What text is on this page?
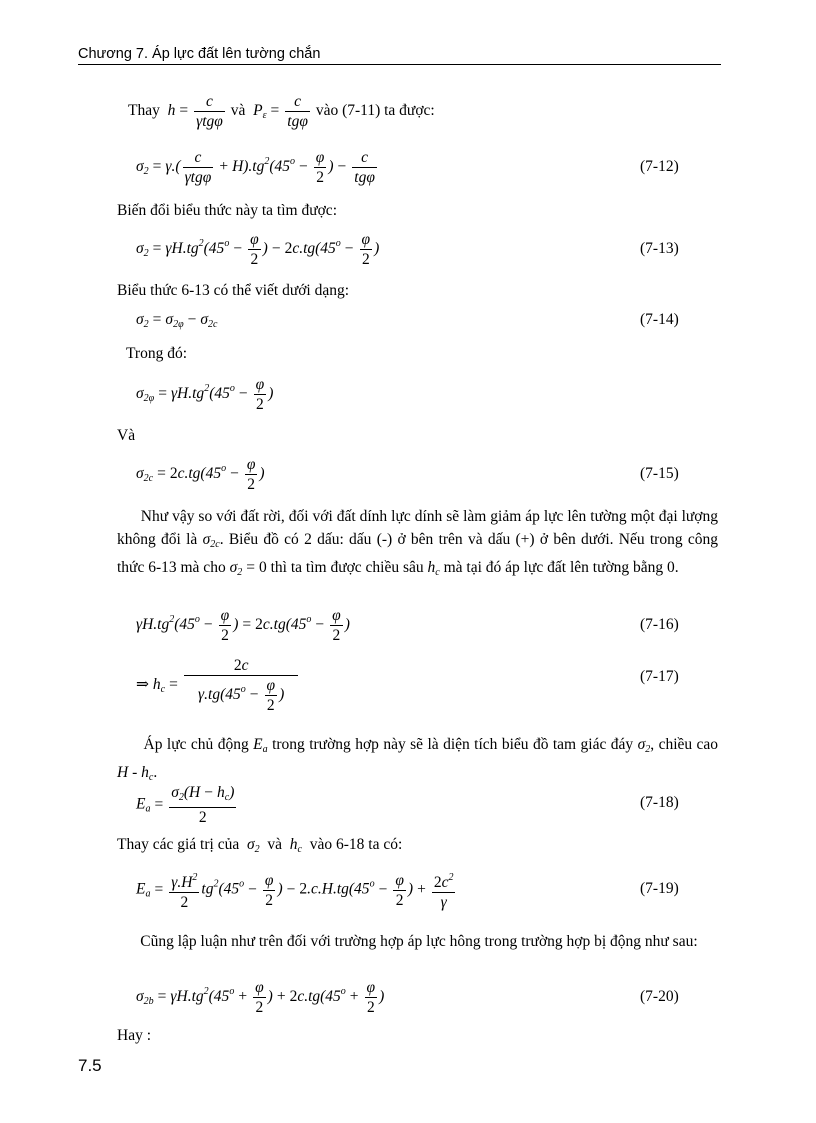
Chương 7. Áp lực đất lên tường chắn
Thay  $h = \frac{c}{\text{γtgφ}}$ và  $P_\varepsilon = \frac{c}{\text{tgφ}}$ vào (7-11) ta được:
$\sigma_2 = \gamma.( \frac{c}{\text{γtgφ}} + H).tg^2(45^o - \frac{\varphi}{2}$ ) − $\frac{c}{\text{tgφ}}$	(7-12)
Biến đổi biểu thức này ta tìm được:
$\sigma_2 = \gamma H.tg^2(45^o - \frac{\varphi}{2}$ ) − $2c.tg(45^o - \frac{\varphi}{2}$ )	(7-13)
Biểu thức 6-13 có thể viết dưới dạng:
$\sigma_2 = \sigma_{2\varphi} - \sigma_{2c}$	(7-14)
Trong đó:
$\sigma_{2\varphi} = \gamma H.tg^2(45^o - \frac{\varphi}{2}$ )
Và
$\sigma_{2c} = 2c.tg(45^o - \frac{\varphi}{2}$ )	(7-15)
Như vậy so với đất rời, đối với đất dính lực dính sẽ làm giảm áp lực lên tường một đại lượng không đổi là $\sigma_{2c}$. Biểu đồ có 2 dấu: dấu (-) ở bên trên và dấu (+) ở bên dưới. Nếu trong công thức 6-13 mà cho $\sigma_2 = 0$ thì ta tìm được chiều sâu $h_c$ mà tại đó áp lực đất lên tường bằng 0.
$\gamma H.tg^2(45^o - \frac{\varphi}{2}$ ) = $2c.tg(45^o - \frac{\varphi}{2}$ )	(7-16)
⇒ $h_c = \frac{2c}{\gamma.tg(45^o - \frac{\varphi}{2} )}$	(7-17)
Áp lực chủ động $E_a$ trong trường hợp này sẽ là diện tích biểu đồ tam giác đáy $\sigma_2$, chiều cao H - $h_c$.
$E_a = \frac{\sigma_2(H - h_c)}{2}$	(7-18)
Thay các giá trị của  $\sigma_2$ và  $h_c$ vào 6-18 ta có:
$E_a = \frac{\gamma.H^2}{2} tg^2(45^o - \frac{\varphi}{2}$ ) − $2.c.H.tg(45^o - \frac{\varphi}{2}$ ) + $\frac{2c^2}{\gamma}$	(7-19)
Cũng lập luận như trên đối với trường hợp áp lực hông trong trường hợp bị động như sau:
$\sigma_{2b} = \gamma H.tg^2(45^o + \frac{\varphi}{2}$ ) + $2c.tg(45^o + \frac{\varphi}{2}$ )	(7-20)
Hay :
7.5
